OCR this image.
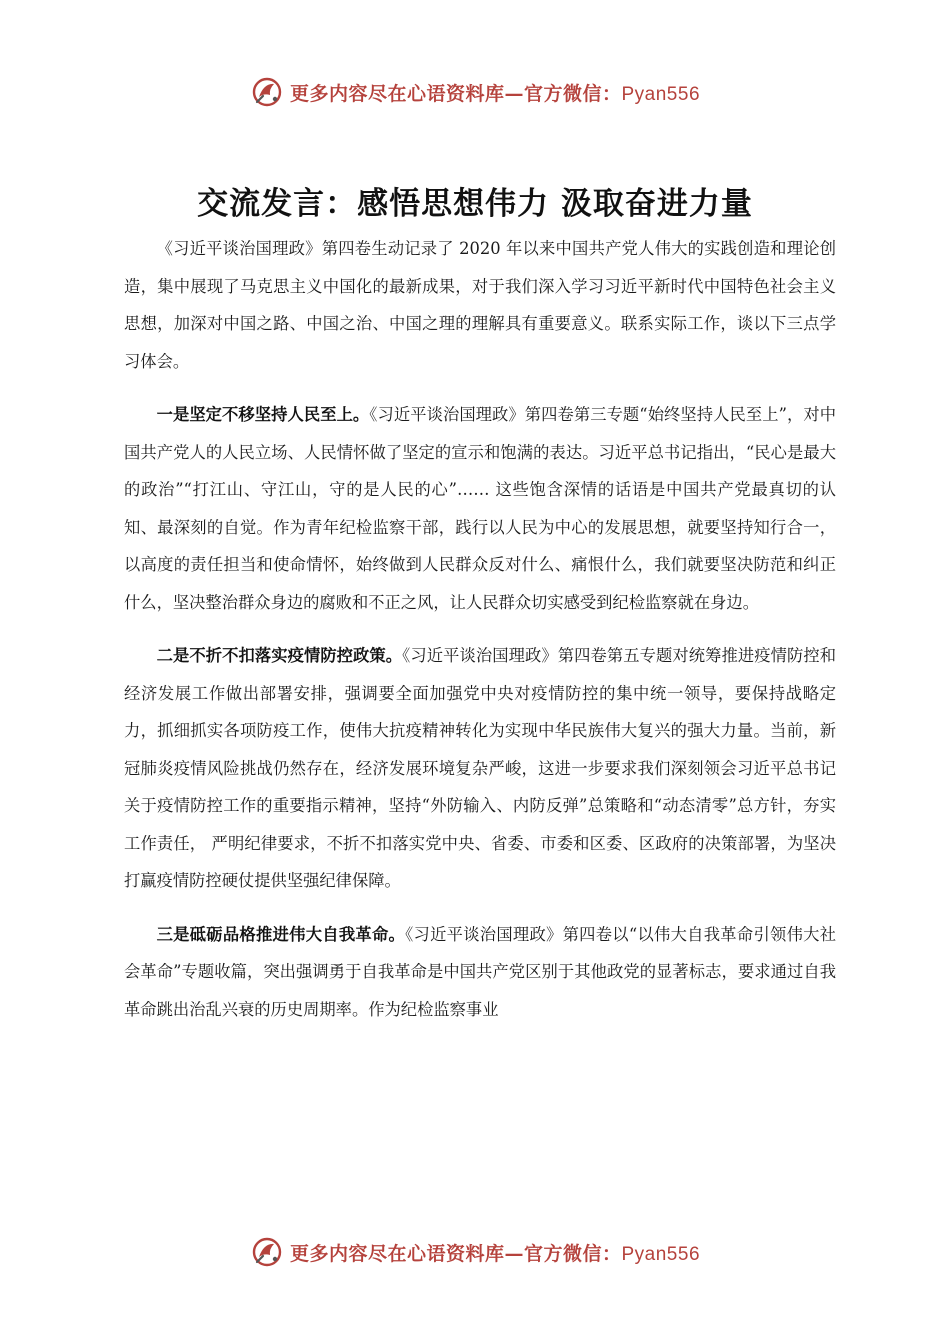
更多内容尽在心语资料库—官方微信：Pyan556
交流发言：感悟思想伟力 汲取奋进力量

《习近平谈治国理政》第四卷生动记录了 2020 年以来中国共产党人伟大的实践创造和理论创造，集中展现了马克思主义中国化的最新成果，对于我们深入学习习近平新时代中国特色社会主义思想，加深对中国之路、中国之治、中国之理的理解具有重要意义。联系实际工作，谈以下三点学习体会。

一是坚定不移坚持人民至上。《习近平谈治国理政》第四卷第三专题“始终坚持人民至上”，对中国共产党人的人民立场、人民情怀做了坚定的宣示和饱满的表达。习近平总书记指出，“民心是最大的政治”“打江山、守江山，守的是人民的心”…… 这些饱含深情的话语是中国共产党最真切的认知、最深刻的自觉。作为青年纪检监察干部，践行以人民为中心的发展思想，就要坚持知行合一，以高度的责任担当和使命情怀，始终做到人民群众反对什么、痛恨什么，我们就要坚决防范和纠正什么，坚决整治群众身边的腐败和不正之风，让人民群众切实感受到纪检监察就在身边。

二是不折不扣落实疫情防控政策。《习近平谈治国理政》第四卷第五专题对统筹推进疫情防控和经济发展工作做出部署安排，强调要全面加强党中央对疫情防控的集中统一领导，要保持战略定力，抓细抓实各项防疫工作，使伟大抗疫精神转化为实现中华民族伟大复兴的强大力量。当前，新冠肺炎疫情风险挑战仍然存在，经济发展环境复杂严峻，这进一步要求我们深刻领会习近平总书记关于疫情防控工作的重要指示精神，坚持“外防输入、内防反弹”总策略和“动态清零”总方针，夯实工作责任， 严明纪律要求，不折不扣落实党中央、省委、市委和区委、区政府的决策部署，为坚决打赢疫情防控硬仗提供坚强纪律保障。

三是砥砺品格推进伟大自我革命。《习近平谈治国理政》第四卷以“以伟大自我革命引领伟大社会革命”专题收篇，突出强调勇于自我革命是中国共产党区别于其他政党的显著标志，要求通过自我革命跳出治乱兴衰的历史周期率。作为纪检监察事业

更多内容尽在心语资料库—官方微信：Pyan556
